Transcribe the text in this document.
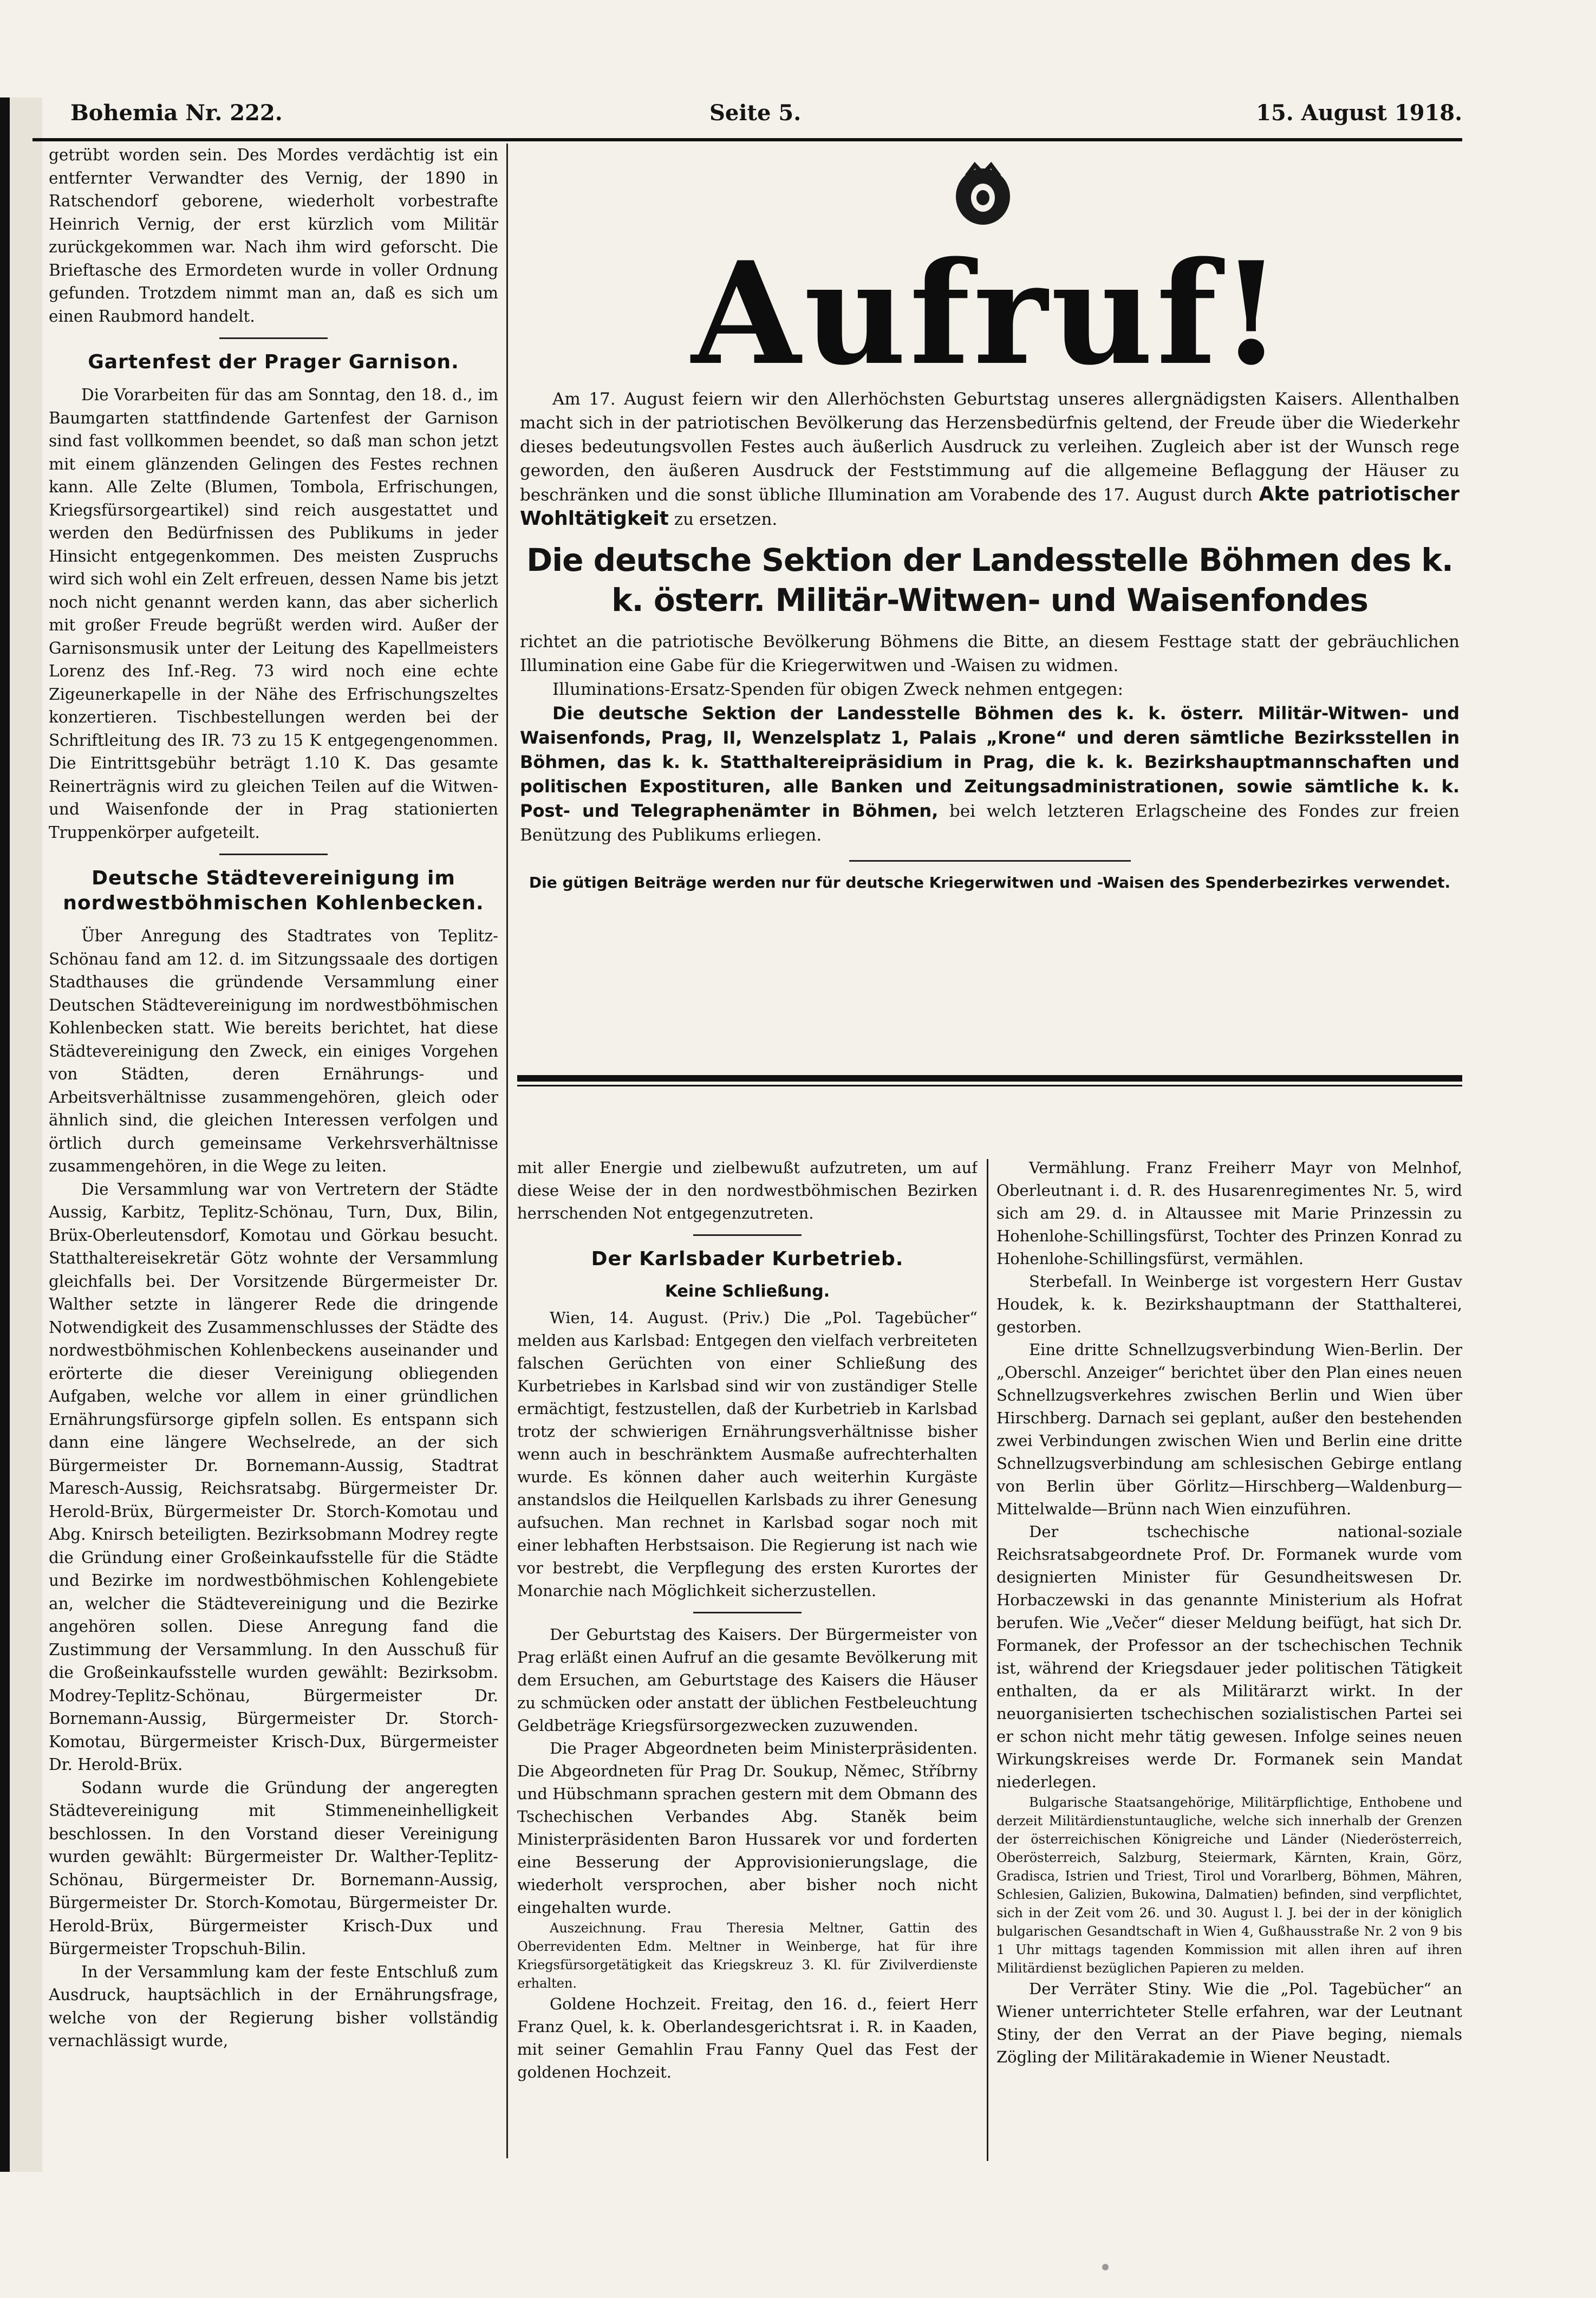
Bohemia Nr. 222.	Seite 5.	15. August 1918.

getrübt worden sein. Des Mordes verdächtig ist ein entfernter Verwandter des Vernig, der 1890 in Ratschendorf geborene, wiederholt vorbestrafte Heinrich Vernig, der erst kürzlich vom Militär zurückgekommen war. Nach ihm wird geforscht. Die Brieftasche des Ermordeten wurde in voller Ordnung gefunden. Trotzdem nimmt man an, daß es sich um einen Raubmord handelt.

Gartenfest der Prager Garnison.

Die Vorarbeiten für das am Sonntag, den 18. d., im Baumgarten stattfindende Gartenfest der Garnison sind fast vollkommen beendet, so daß man schon jetzt mit einem glänzenden Gelingen des Festes rechnen kann. Alle Zelte (Blumen, Tombola, Erfrischungen, Kriegsfürsorgeartikel) sind reich ausgestattet und werden den Bedürfnissen des Publikums in jeder Hinsicht entgegenkommen. Des meisten Zuspruchs wird sich wohl ein Zelt erfreuen, dessen Name bis jetzt noch nicht genannt werden kann, das aber sicherlich mit großer Freude begrüßt werden wird. Außer der Garnisonsmusik unter der Leitung des Kapellmeisters Lorenz des Inf.-Reg. 73 wird noch eine echte Zigeunerkapelle in der Nähe des Erfrischungszeltes konzertieren. Tischbestellungen werden bei der Schriftleitung des IR. 73 zu 15 K entgegengenommen. Die Eintrittsgebühr beträgt 1.10 K. Das gesamte Reinerträgnis wird zu gleichen Teilen auf die Witwen- und Waisenfonde der in Prag stationierten Truppenkörper aufgeteilt.

Deutsche Städtevereinigung im nordwestböhmischen Kohlenbecken.

Über Anregung des Stadtrates von Teplitz-Schönau fand am 12. d. im Sitzungssaale des dortigen Stadthauses die gründende Versammlung einer Deutschen Städtevereinigung im nordwestböhmischen Kohlenbecken statt. Wie bereits berichtet, hat diese Städtevereinigung den Zweck, ein einiges Vorgehen von Städten, deren Ernährungs- und Arbeitsverhältnisse zusammengehören, gleich oder ähnlich sind, die gleichen Interessen verfolgen und örtlich durch gemeinsame Verkehrsverhältnisse zusammengehören, in die Wege zu leiten.

Die Versammlung war von Vertretern der Städte Aussig, Karbitz, Teplitz-Schönau, Turn, Dux, Bilin, Brüx-Oberleutensdorf, Komotau und Görkau besucht. Statthaltereisekretär Götz wohnte der Versammlung gleichfalls bei. Der Vorsitzende Bürgermeister Dr. Walther setzte in längerer Rede die dringende Notwendigkeit des Zusammenschlusses der Städte des nordwestböhmischen Kohlenbeckens auseinander und erörterte die dieser Vereinigung obliegenden Aufgaben, welche vor allem in einer gründlichen Ernährungsfürsorge gipfeln sollen. Es entspann sich dann eine längere Wechselrede, an der sich Bürgermeister Dr. Bornemann-Aussig, Stadtrat Maresch-Aussig, Reichsratsabg. Bürgermeister Dr. Herold-Brüx, Bürgermeister Dr. Storch-Komotau und Abg. Knirsch beteiligten. Bezirksobmann Modrey regte die Gründung einer Großeinkaufsstelle für die Städte und Bezirke im nordwestböhmischen Kohlengebiete an, welcher die Städtevereinigung und die Bezirke angehören sollen. Diese Anregung fand die Zustimmung der Versammlung. In den Ausschuß für die Großeinkaufsstelle wurden gewählt: Bezirksobm. Modrey-Teplitz-Schönau, Bürgermeister Dr. Bornemann-Aussig, Bürgermeister Dr. Storch-Komotau, Bürgermeister Krisch-Dux, Bürgermeister Dr. Herold-Brüx.

Sodann wurde die Gründung der angeregten Städtevereinigung mit Stimmeneinhelligkeit beschlossen. In den Vorstand dieser Vereinigung wurden gewählt: Bürgermeister Dr. Walther-Teplitz-Schönau, Bürgermeister Dr. Bornemann-Aussig, Bürgermeister Dr. Storch-Komotau, Bürgermeister Dr. Herold-Brüx, Bürgermeister Krisch-Dux und Bürgermeister Tropschuh-Bilin.

In der Versammlung kam der feste Entschluß zum Ausdruck, hauptsächlich in der Ernährungsfrage, welche von der Regierung bisher vollständig vernachlässigt wurde,

Aufruf!

Am 17. August feiern wir den Allerhöchsten Geburtstag unseres allergnädigsten Kaisers. Allenthalben macht sich in der patriotischen Bevölkerung das Herzensbedürfnis geltend, der Freude über die Wiederkehr dieses bedeutungsvollen Festes auch äußerlich Ausdruck zu verleihen. Zugleich aber ist der Wunsch rege geworden, den äußeren Ausdruck der Feststimmung auf die allgemeine Beflaggung der Häuser zu beschränken und die sonst übliche Illumination am Vorabende des 17. August durch Akte patriotischer Wohltätigkeit zu ersetzen.

Die deutsche Sektion der Landesstelle Böhmen des k. k. österr. Militär-Witwen- und Waisenfondes

richtet an die patriotische Bevölkerung Böhmens die Bitte, an diesem Festtage statt der gebräuchlichen Illumination eine Gabe für die Kriegerwitwen und -Waisen zu widmen.

Illuminations-Ersatz-Spenden für obigen Zweck nehmen entgegen:

Die deutsche Sektion der Landesstelle Böhmen des k. k. österr. Militär-Witwen- und Waisenfonds, Prag, II, Wenzelsplatz 1, Palais „Krone“ und deren sämtliche Bezirksstellen in Böhmen, das k. k. Statthaltereipräsidium in Prag, die k. k. Bezirkshauptmannschaften und politischen Expostituren, alle Banken und Zeitungsadministrationen, sowie sämtliche k. k. Post- und Telegraphenämter in Böhmen, bei welch letzteren Erlagscheine des Fondes zur freien Benützung des Publikums erliegen.

Die gütigen Beiträge werden nur für deutsche Kriegerwitwen und -Waisen des Spenderbezirkes verwendet.

mit aller Energie und zielbewußt aufzutreten, um auf diese Weise der in den nordwestböhmischen Bezirken herrschenden Not entgegenzutreten.

Der Karlsbader Kurbetrieb.
Keine Schließung.

Wien, 14. August. (Priv.) Die „Pol. Tagebücher“ melden aus Karlsbad: Entgegen den vielfach verbreiteten falschen Gerüchten von einer Schließung des Kurbetriebes in Karlsbad sind wir von zuständiger Stelle ermächtigt, festzustellen, daß der Kurbetrieb in Karlsbad trotz der schwierigen Ernährungsverhältnisse bisher wenn auch in beschränktem Ausmaße aufrechterhalten wurde. Es können daher auch weiterhin Kurgäste anstandslos die Heilquellen Karlsbads zu ihrer Genesung aufsuchen. Man rechnet in Karlsbad sogar noch mit einer lebhaften Herbstsaison. Die Regierung ist nach wie vor bestrebt, die Verpflegung des ersten Kurortes der Monarchie nach Möglichkeit sicherzustellen.

Der Geburtstag des Kaisers. Der Bürgermeister von Prag erläßt einen Aufruf an die gesamte Bevölkerung mit dem Ersuchen, am Geburtstage des Kaisers die Häuser zu schmücken oder anstatt der üblichen Festbeleuchtung Geldbeträge Kriegsfürsorgezwecken zuzuwenden.

Die Prager Abgeordneten beim Ministerpräsidenten. Die Abgeordneten für Prag Dr. Soukup, Němec, Stříbrny und Hübschmann sprachen gestern mit dem Obmann des Tschechischen Verbandes Abg. Staněk beim Ministerpräsidenten Baron Hussarek vor und forderten eine Besserung der Approvisionierungslage, die wiederholt versprochen, aber bisher noch nicht eingehalten wurde.

Auszeichnung. Frau Theresia Meltner, Gattin des Oberrevidenten Edm. Meltner in Weinberge, hat für ihre Kriegsfürsorgetätigkeit das Kriegskreuz 3. Kl. für Zivilverdienste erhalten.

Goldene Hochzeit. Freitag, den 16. d., feiert Herr Franz Quel, k. k. Oberlandesgerichtsrat i. R. in Kaaden, mit seiner Gemahlin Frau Fanny Quel das Fest der goldenen Hochzeit.

Vermählung. Franz Freiherr Mayr von Melnhof, Oberleutnant i. d. R. des Husarenregimentes Nr. 5, wird sich am 29. d. in Altaussee mit Marie Prinzessin zu Hohenlohe-Schillingsfürst, Tochter des Prinzen Konrad zu Hohenlohe-Schillingsfürst, vermählen.

Sterbefall. In Weinberge ist vorgestern Herr Gustav Houdek, k. k. Bezirkshauptmann der Statthalterei, gestorben.

Eine dritte Schnellzugsverbindung Wien-Berlin. Der „Oberschl. Anzeiger“ berichtet über den Plan eines neuen Schnellzugsverkehres zwischen Berlin und Wien über Hirschberg. Darnach sei geplant, außer den bestehenden zwei Verbindungen zwischen Wien und Berlin eine dritte Schnellzugsverbindung am schlesischen Gebirge entlang von Berlin über Görlitz—Hirschberg—Waldenburg—Mittelwalde—Brünn nach Wien einzuführen.

Der tschechische national-soziale Reichsratsabgeordnete Prof. Dr. Formanek wurde vom designierten Minister für Gesundheitswesen Dr. Horbaczewski in das genannte Ministerium als Hofrat berufen. Wie „Večer“ dieser Meldung beifügt, hat sich Dr. Formanek, der Professor an der tschechischen Technik ist, während der Kriegsdauer jeder politischen Tätigkeit enthalten, da er als Militärarzt wirkt. In der neuorganisierten tschechischen sozialistischen Partei sei er schon nicht mehr tätig gewesen. Infolge seines neuen Wirkungskreises werde Dr. Formanek sein Mandat niederlegen.

Bulgarische Staatsangehörige, Militärpflichtige, Enthobene und derzeit Militärdienstuntaugliche, welche sich innerhalb der Grenzen der österreichischen Königreiche und Länder (Niederösterreich, Oberösterreich, Salzburg, Steiermark, Kärnten, Krain, Görz, Gradisca, Istrien und Triest, Tirol und Vorarlberg, Böhmen, Mähren, Schlesien, Galizien, Bukowina, Dalmatien) befinden, sind verpflichtet, sich in der Zeit vom 26. und 30. August l. J. bei der in der königlich bulgarischen Gesandtschaft in Wien 4, Gußhausstraße Nr. 2 von 9 bis 1 Uhr mittags tagenden Kommission mit allen ihren auf ihren Militärdienst bezüglichen Papieren zu melden.

Der Verräter Stiny. Wie die „Pol. Tagebücher“ an Wiener unterrichteter Stelle erfahren, war der Leutnant Stiny, der den Verrat an der Piave beging, niemals Zögling der Militärakademie in Wiener Neustadt.
